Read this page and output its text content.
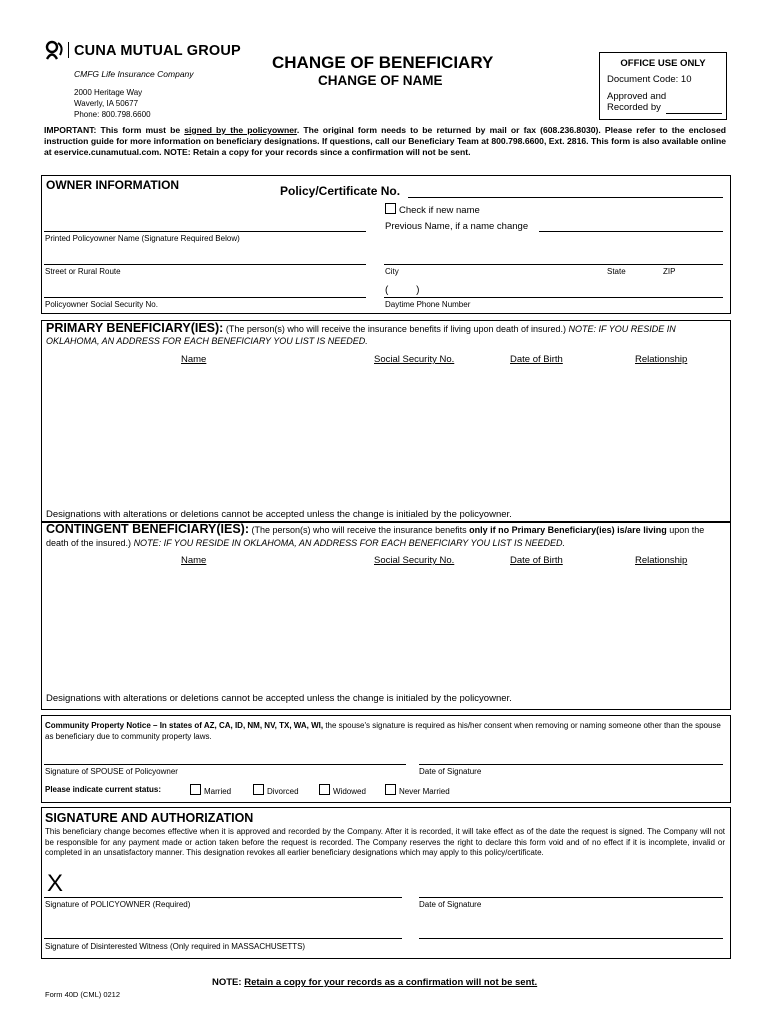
CUNA MUTUAL GROUP
CMFG Life Insurance Company
2000 Heritage Way
Waverly, IA 50677
Phone: 800.798.6600
CHANGE OF BENEFICIARY
CHANGE OF NAME
OFFICE USE ONLY
Document Code: 10
Approved and
Recorded by
IMPORTANT: This form must be signed by the policyowner. The original form needs to be returned by mail or fax (608.236.8030). Please refer to the enclosed instruction guide for more information on beneficiary designations. If questions, call our Beneficiary Team at 800.798.6600, Ext. 2816. This form is also available online at eservice.cunamutual.com. NOTE: Retain a copy for your records since a confirmation will not be sent.
OWNER INFORMATION	Policy/Certificate No.
Check if new name
Previous Name, if a name change
Printed Policyowner Name (Signature Required Below)
Street or Rural Route	City	State	ZIP
(          )
Policyowner Social Security No.	Daytime Phone Number
PRIMARY BENEFICIARY(IES): (The person(s) who will receive the insurance benefits if living upon death of insured.) NOTE: IF YOU RESIDE IN OKLAHOMA, AN ADDRESS FOR EACH BENEFICIARY YOU LIST IS NEEDED.
Name	Social Security No.	Date of Birth	Relationship
Designations with alterations or deletions cannot be accepted unless the change is initialed by the policyowner.
CONTINGENT BENEFICIARY(IES): (The person(s) who will receive the insurance benefits only if no Primary Beneficiary(ies) is/are living upon the death of the insured.) NOTE: IF YOU RESIDE IN OKLAHOMA, AN ADDRESS FOR EACH BENEFICIARY YOU LIST IS NEEDED.
Name	Social Security No.	Date of Birth	Relationship
Designations with alterations or deletions cannot be accepted unless the change is initialed by the policyowner.
Community Property Notice – In states of AZ, CA, ID, NM, NV, TX, WA, WI, the spouse's signature is required as his/her consent when removing or naming someone other than the spouse as beneficiary due to community property laws.
Signature of SPOUSE of Policyowner	Date of Signature
Please indicate current status:	Married	Divorced	Widowed	Never Married
SIGNATURE AND AUTHORIZATION
This beneficiary change becomes effective when it is approved and recorded by the Company. After it is recorded, it will take effect as of the date the request is signed. The Company will not be responsible for any payment made or action taken before the request is recorded. The Company reserves the right to declare this form void and of no effect if it is incomplete, invalid or completed in an unsatisfactory manner. This designation revokes all earlier beneficiary designations which may apply to this policy/certificate.
X
Signature of POLICYOWNER (Required)	Date of Signature
Signature of Disinterested Witness (Only required in MASSACHUSETTS)
NOTE: Retain a copy for your records as a confirmation will not be sent.
Form 40D (CML) 0212
